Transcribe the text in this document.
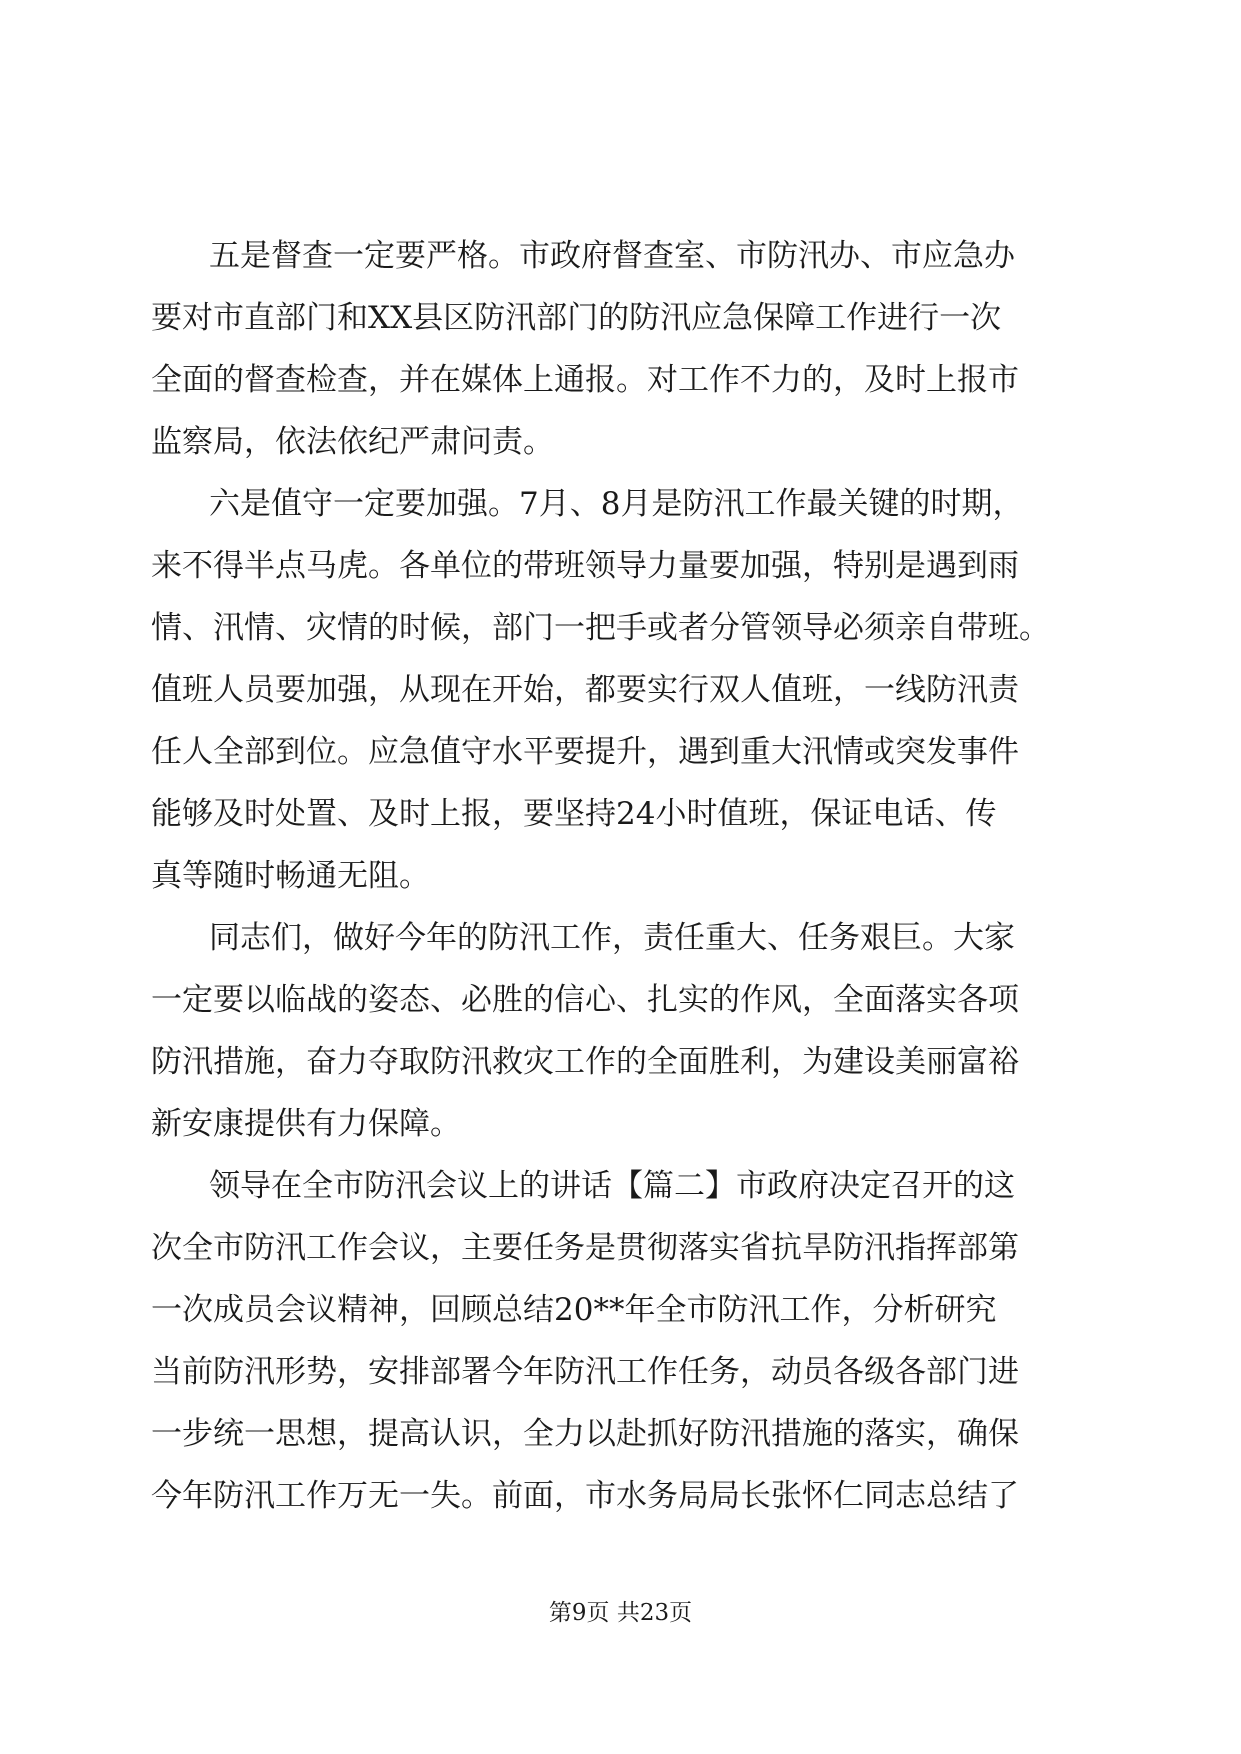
五是督查一定要严格。市政府督查室、市防汛办、市应急办
要对市直部门和XX县区防汛部门的防汛应急保障工作进行一次
全面的督查检查，并在媒体上通报。对工作不力的，及时上报市
监察局，依法依纪严肃问责。
六是值守一定要加强。7月、8月是防汛工作最关键的时期，
来不得半点马虎。各单位的带班领导力量要加强，特别是遇到雨
情、汛情、灾情的时候，部门一把手或者分管领导必须亲自带班。
值班人员要加强，从现在开始，都要实行双人值班，一线防汛责
任人全部到位。应急值守水平要提升，遇到重大汛情或突发事件
能够及时处置、及时上报，要坚持24小时值班，保证电话、传
真等随时畅通无阻。
同志们，做好今年的防汛工作，责任重大、任务艰巨。大家
一定要以临战的姿态、必胜的信心、扎实的作风，全面落实各项
防汛措施，奋力夺取防汛救灾工作的全面胜利，为建设美丽富裕
新安康提供有力保障。
领导在全市防汛会议上的讲话【篇二】市政府决定召开的这
次全市防汛工作会议，主要任务是贯彻落实省抗旱防汛指挥部第
一次成员会议精神，回顾总结20**年全市防汛工作，分析研究
当前防汛形势，安排部署今年防汛工作任务，动员各级各部门进
一步统一思想，提高认识，全力以赴抓好防汛措施的落实，确保
今年防汛工作万无一失。前面，市水务局局长张怀仁同志总结了
第9页 共23页
